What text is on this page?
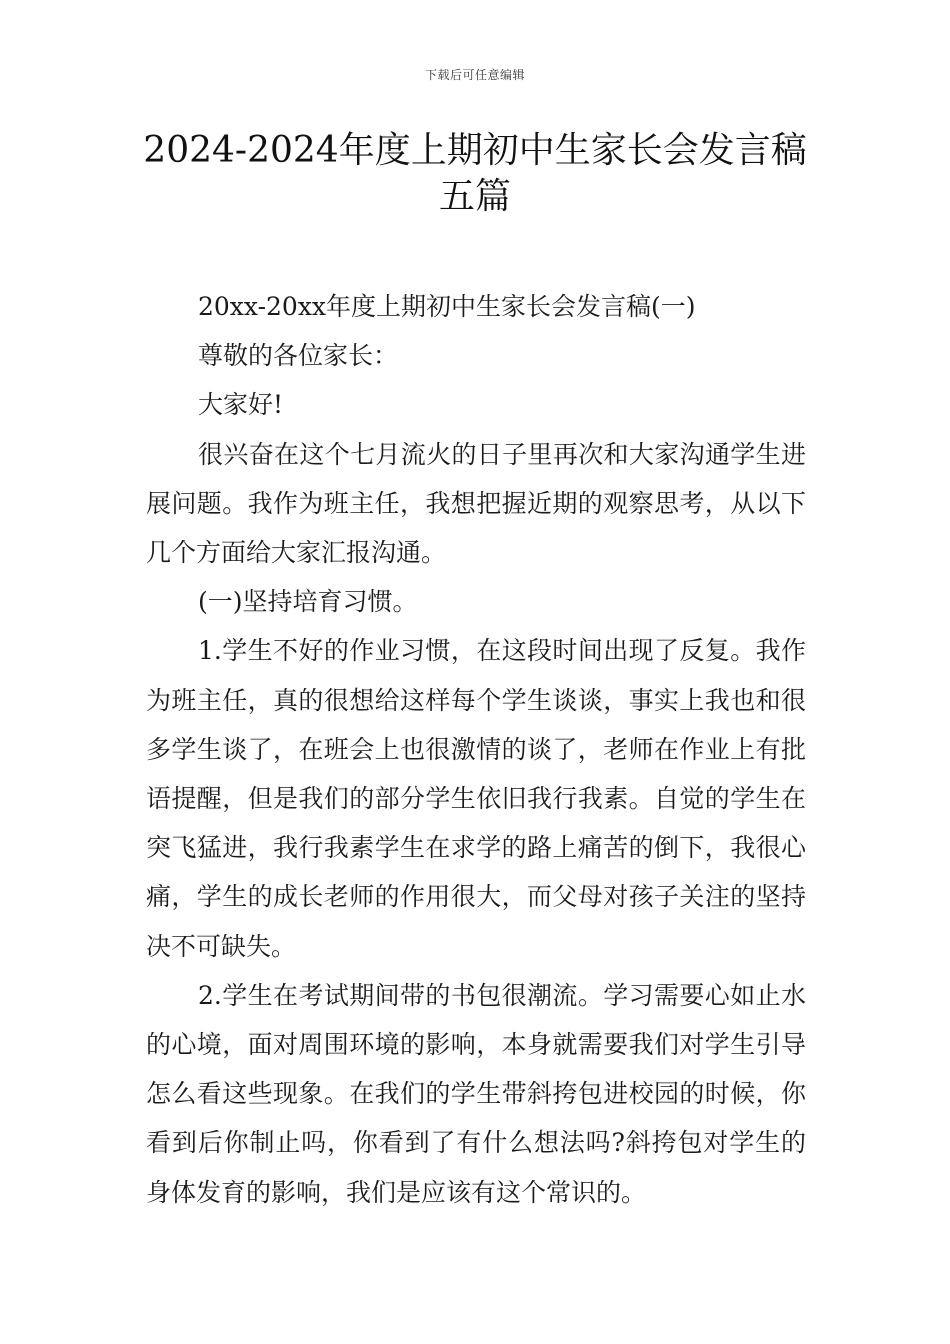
下载后可任意编辑
2024-2024年度上期初中生家长会发言稿五篇

20xx-20xx年度上期初中生家长会发言稿(一)

尊敬的各位家长：

大家好!

很兴奋在这个七月流火的日子里再次和大家沟通学生进展问题。我作为班主任，我想把握近期的观察思考，从以下几个方面给大家汇报沟通。

(一)坚持培育习惯。

1.学生不好的作业习惯，在这段时间出现了反复。我作为班主任，真的很想给这样每个学生谈谈，事实上我也和很多学生谈了，在班会上也很激情的谈了，老师在作业上有批语提醒，但是我们的部分学生依旧我行我素。自觉的学生在突飞猛进，我行我素学生在求学的路上痛苦的倒下，我很心痛，学生的成长老师的作用很大，而父母对孩子关注的坚持决不可缺失。

2.学生在考试期间带的书包很潮流。学习需要心如止水的心境，面对周围环境的影响，本身就需要我们对学生引导怎么看这些现象。在我们的学生带斜挎包进校园的时候，你看到后你制止吗，你看到了有什么想法吗?斜挎包对学生的身体发育的影响，我们是应该有这个常识的。
